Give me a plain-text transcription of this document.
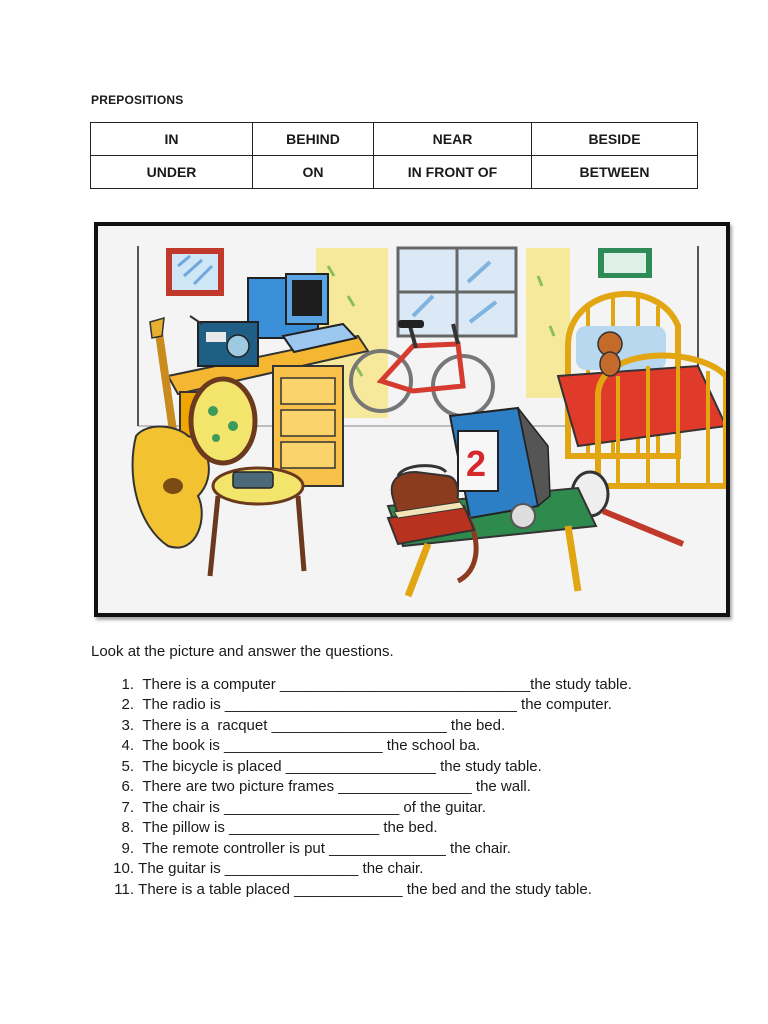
PREPOSITIONS
IN	BEHIND	NEAR	BESIDE
UNDER	ON	IN FRONT OF	BETWEEN
2
Look at the picture and answer the questions.
1.
There is a computer ______________________________the study table.
2.
The radio is ___________________________________ the computer.
3.
There is a  racquet _____________________ the bed.
4.
The book is ___________________ the school ba.
5.
The bicycle is placed __________________ the study table.
6.
There are two picture frames ________________ the wall.
7.
The chair is _____________________ of the guitar.
8.
The pillow is __________________ the bed.
9.
The remote controller is put ______________ the chair.
10.
The guitar is ________________ the chair.
11.
There is a table placed _____________ the bed and the study table.
